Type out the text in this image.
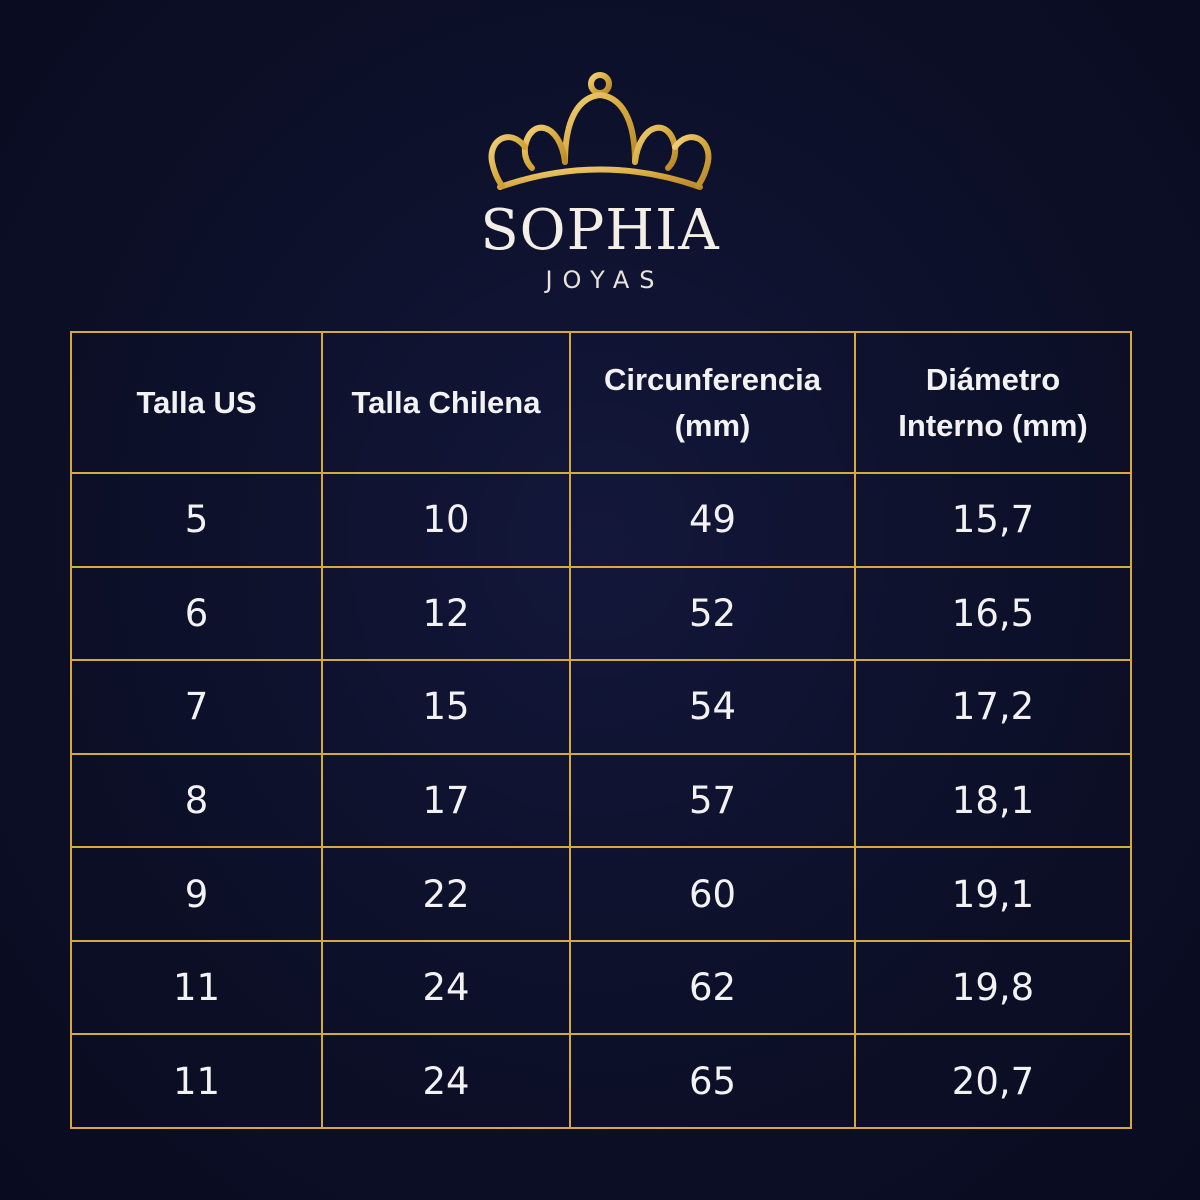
SOPHIA
JOYAS
Talla US	Talla Chilena	Circunferencia (mm)	Diámetro Interno (mm)
5	10	49	15,7
6	12	52	16,5
7	15	54	17,2
8	17	57	18,1
9	22	60	19,1
11	24	62	19,8
11	24	65	20,7
